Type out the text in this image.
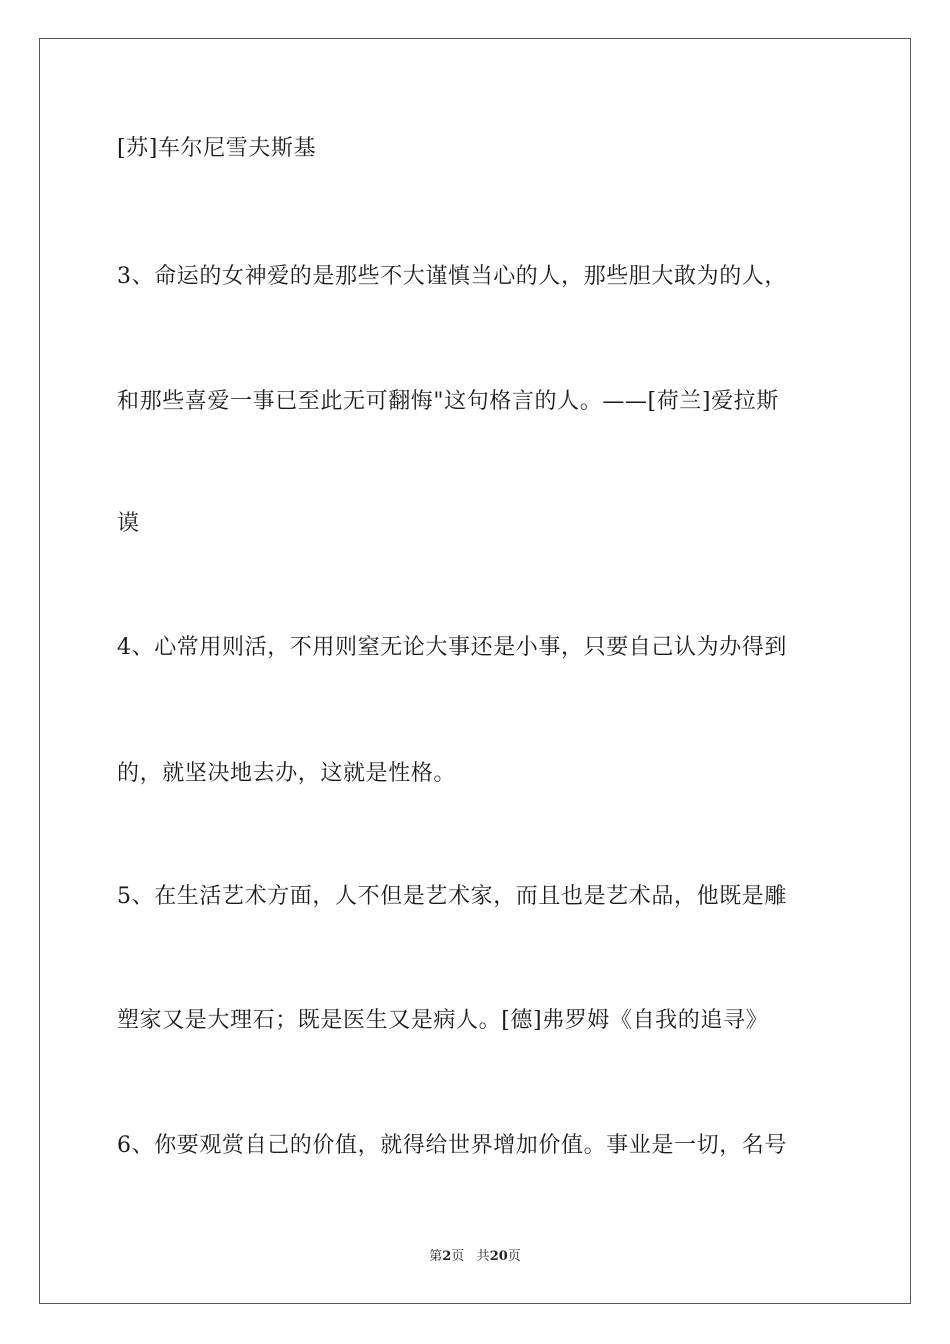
[苏]车尔尼雪夫斯基
3、命运的女神爱的是那些不大谨慎当心的人，那些胆大敢为的人，
和那些喜爱一事已至此无可翻悔"这句格言的人。——[荷兰]爱拉斯
谟
4、心常用则活，不用则窒无论大事还是小事，只要自己认为办得到
的，就坚决地去办，这就是性格。
5、在生活艺术方面，人不但是艺术家，而且也是艺术品，他既是雕
塑家又是大理石；既是医生又是病人。[德]弗罗姆《自我的追寻》
6、你要观赏自己的价值，就得给世界增加价值。事业是一切，名号
第2页 共20页
